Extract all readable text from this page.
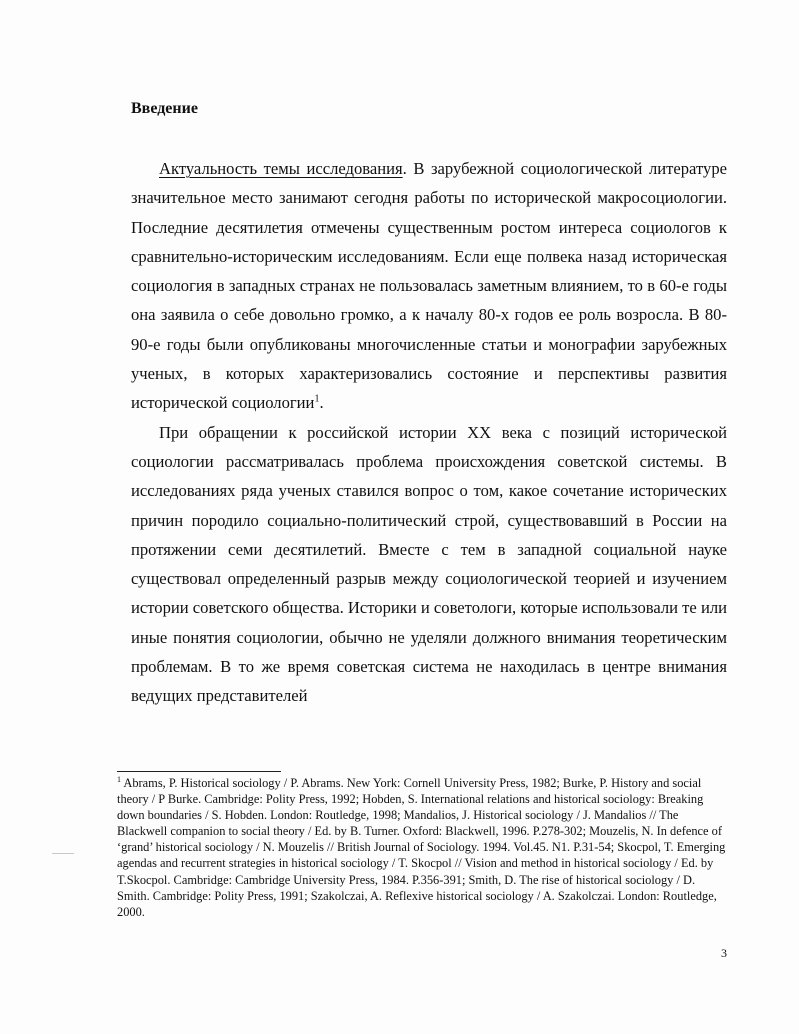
Введение

Актуальность темы исследования. В зарубежной социологической литературе значительное место занимают сегодня работы по исторической макросоциологии. Последние десятилетия отмечены существенным ростом интереса социологов к сравнительно-историческим исследованиям. Если еще полвека назад историческая социология в западных странах не пользовалась заметным влиянием, то в 60-е годы она заявила о себе довольно громко, а к началу 80-х годов ее роль возросла. В 80-90-е годы были опубликованы многочисленные статьи и монографии зарубежных ученых, в которых характеризовались состояние и перспективы развития исторической социологии$^1$.

При обращении к российской истории XX века с позиций исторической социологии рассматривалась проблема происхождения советской системы. В исследованиях ряда ученых ставился вопрос о том, какое сочетание исторических причин породило социально-политический строй, существовавший в России на протяжении семи десятилетий. Вместе с тем в западной социальной науке существовал определенный разрыв между социологической теорией и изучением истории советского общества. Историки и советологи, которые использовали те или иные понятия социологии, обычно не уделяли должного внимания теоретическим проблемам. В то же время советская система не находилась в центре внимания ведущих представителей

$^1$ Abrams, P. Historical sociology / P. Abrams. New York: Cornell University Press, 1982; Burke, P. History and social theory / P Burke. Cambridge: Polity Press, 1992; Hobden, S. International relations and historical sociology: Breaking down boundaries / S. Hobden. London: Routledge, 1998; Mandalios, J. Historical sociology / J. Mandalios // The Blackwell companion to social theory / Ed. by B. Turner. Oxford: Blackwell, 1996. P.278-302; Mouzelis, N. In defence of ‘grand’ historical sociology / N. Mouzelis // British Journal of Sociology. 1994. Vol.45. N1. P.31-54; Skocpol, T. Emerging agendas and recurrent strategies in historical sociology / T. Skocpol // Vision and method in historical sociology / Ed. by T.Skocpol. Cambridge: Cambridge University Press, 1984. P.356-391; Smith, D. The rise of historical sociology / D. Smith. Cambridge: Polity Press, 1991; Szakolczai, A. Reflexive historical sociology / A. Szakolczai. London: Routledge, 2000.

3
